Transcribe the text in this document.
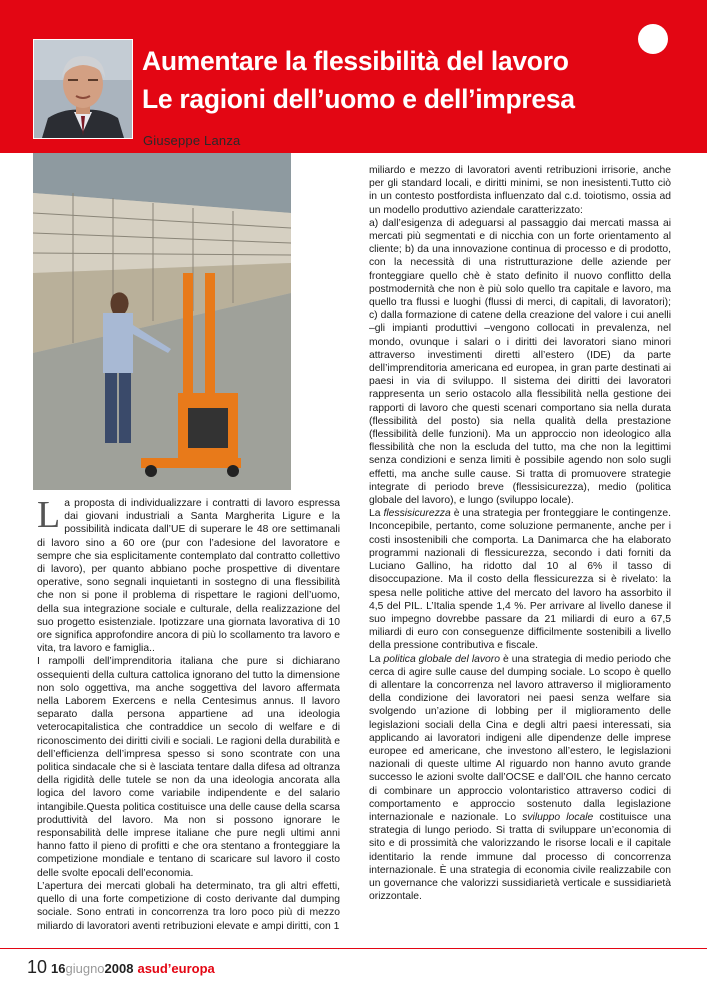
Aumentare la flessibilità del lavoro
Le ragioni dell’uomo e dell’impresa
Giuseppe Lanza

La proposta di individualizzare i contratti di lavoro espressa dai giovani industriali a Santa Margherita Ligure e la possibilità indicata dall’UE di superare le 48 ore settimanali di lavoro sino a 60 ore (pur con l’adesione del lavoratore e sempre che sia esplicitamente contemplato dal contratto collettivo di lavoro), per quanto abbiano poche prospettive di diventare operative, sono segnali inquietanti in sostegno di una flessibilità che non si pone il problema di rispettare le ragioni dell’uomo, della sua integrazione sociale e culturale, della realizzazione del suo progetto esistenziale. Ipotizzare una giornata lavorativa di 10 ore significa approfondire ancora di più lo scollamento tra lavoro e vita, tra lavoro e famiglia..

I rampolli dell’imprenditoria italiana che pure si dichiarano ossequienti della cultura cattolica ignorano del tutto la dimensione non solo oggettiva, ma anche soggettiva del lavoro affermata nella Laborem Exercens e nella Centesimus annus. Il lavoro separato dalla persona appartiene ad una ideologia veterocapitalistica che contraddice un secolo di welfare e di riconoscimento dei diritti civili e sociali. Le ragioni della durabilità e dell’efficienza dell’impresa spesso si sono scontrate con una politica sindacale che si è lasciata tentare dalla difesa ad oltranza della rigidità delle tutele se non da una ideologia ancorata alla logica del lavoro come variabile indipendente e del salario intangibile.Questa politica costituisce una delle cause della scarsa produttività del lavoro. Ma non si possono ignorare le responsabilità delle imprese italiane che pure negli ultimi anni hanno fatto il pieno di profitti e che ora stentano a fronteggiare la competizione mondiale e tentano di scaricare sul lavoro il costo delle svolte epocali dell’economia.

L’apertura dei mercati globali ha determinato, tra gli altri effetti, quello di una forte competizione di costo derivante dal dumping sociale. Sono entrati in concorrenza tra loro poco più di mezzo miliardo di lavoratori aventi retribuzioni elevate e ampi diritti, con 1

miliardo e mezzo di lavoratori aventi retribuzioni irrisorie, anche per gli standard locali, e diritti minimi, se non inesistenti.Tutto ciò in un contesto postfordista influenzato dal c.d. toiotismo, ossia ad un modello produttivo aziendale caratterizzato:

a) dall’esigenza di adeguarsi al passaggio dai mercati massa ai mercati più segmentati e di nicchia con un forte orientamento al cliente; b) da una innovazione continua di processo e di prodotto, con la necessità di una ristrutturazione delle aziende per fronteggiare quello chè è stato definito il nuovo conflitto della postmodernità che non è più solo quello tra capitale e lavoro, ma quello tra flussi e luoghi (flussi di merci, di capitali, di lavoratori); c) dalla formazione di catene della creazione del valore i cui anelli –gli impianti produttivi –vengono collocati in prevalenza, nel mondo, ovunque i salari o i diritti dei lavoratori siano minori attraverso investimenti diretti all’estero (IDE) da parte dell’imprenditoria americana ed europea, in gran parte destinati ai paesi in via di sviluppo. Il sistema dei diritti dei lavoratori rappresenta un serio ostacolo alla flessibilità nella gestione dei rapporti di lavoro che questi scenari comportano sia nella durata (flessibilità del posto) sia nella qualità della prestazione (flessibilità delle funzioni). Ma un approccio non ideologico alla flessibilità che non la escluda del tutto, ma che non la legittimi senza condizioni e senza limiti è possibile agendo non solo sugli effetti, ma anche sulle cause. Si tratta di promuovere strategie integrate di periodo breve (flessisicurezza), medio (politica globale del lavoro), e lungo (sviluppo locale).

La flessisicurezza è una strategia per fronteggiare le contingenze. Inconcepibile, pertanto, come soluzione permanente, anche per i costi insostenibili che comporta. La Danimarca che ha elaborato programmi nazionali di flessicurezza, secondo i dati forniti da Luciano Gallino, ha ridotto dal 10 al 6% il tasso di disoccupazione. Ma il costo della flessicurezza si è rivelato: la spesa nelle politiche attive del mercato del lavoro ha assorbito il 4,5 del PIL. L’Italia spende 1,4 %. Per arrivare al livello danese il suo impegno dovrebbe passare da 21 miliardi di euro a 67,5 miliardi di euro con conseguenze difficilmente sostenibili a livello della pressione contributiva e fiscale.

La politica globale del lavoro è una strategia di medio periodo che cerca di agire sulle cause del dumping sociale. Lo scopo è quello di allentare la concorrenza nel lavoro attraverso il miglioramento della condizione dei lavoratori nei paesi senza welfare sia svolgendo un’azione di lobbing per il miglioramento delle legislazioni sociali della Cina e degli altri paesi interessati, sia applicando ai lavoratori indigeni alle dipendenze delle imprese europee ed americane, che investono all’estero, le legislazioni nazionali di queste ultime Al riguardo non hanno avuto grande successo le azioni svolte dall’OCSE e dall’OIL che hanno cercato di combinare un approccio volontaristico attraverso codici di comportamento e approccio sostenuto dalla legislazione internazionale e nazionale. Lo sviluppo locale costituisce una strategia di lungo periodo. Si tratta di sviluppare un’economia di sito e di prossimità che valorizzando le risorse locali e il capitale identitario la rende immune dal processo di concorrenza internazionale. È una strategia di economia civile realizzabile con un governance che valorizzi sussidiarietà verticale e sussidiarietà orizzontale.

10 16giugno2008 asud’europa
